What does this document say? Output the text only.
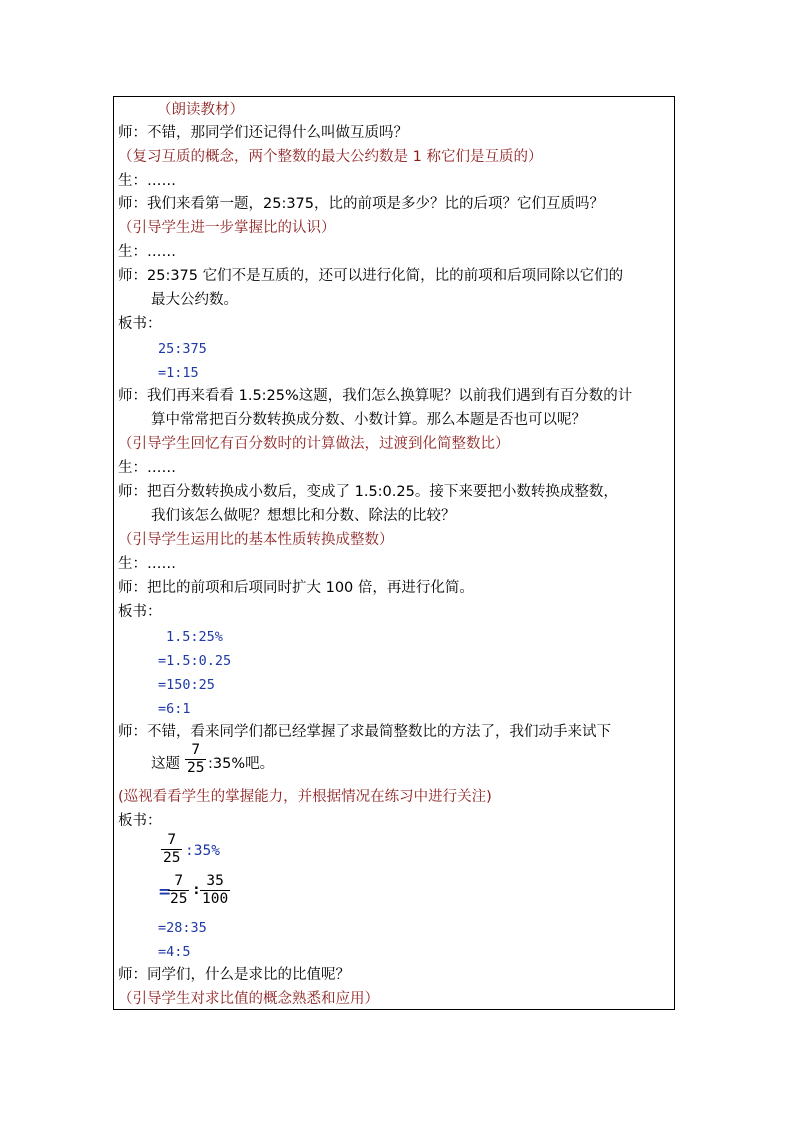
（朗读教材）
师：不错，那同学们还记得什么叫做互质吗？
（复习互质的概念，两个整数的最大公约数是 1 称它们是互质的）
生：……
师：我们来看第一题，25:375，比的前项是多少？比的后项？它们互质吗？
（引导学生进一步掌握比的认识）
生：……
师：25:375 它们不是互质的，还可以进行化简，比的前项和后项同除以它们的
最大公约数。
板书：
25:375
=1:15
师：我们再来看看 1.5:25%这题，我们怎么换算呢？以前我们遇到有百分数的计
算中常常把百分数转换成分数、小数计算。那么本题是否也可以呢？
（引导学生回忆有百分数时的计算做法，过渡到化简整数比）
生：……
师：把百分数转换成小数后，变成了 1.5:0.25。接下来要把小数转换成整数，
我们该怎么做呢？想想比和分数、除法的比较？
（引导学生运用比的基本性质转换成整数）
生：……
师：把比的前项和后项同时扩大 100 倍，再进行化简。
板书：
1.5:25%
=1.5:0.25
=150:25
=6:1
师：不错，看来同学们都已经掌握了求最简整数比的方法了，我们动手来试下
这题 $\frac{7}{25}$ :35%吧。
(巡视看看学生的掌握能力，并根据情况在练习中进行关注)
板书：
$\frac{7}{25}$ :35%
=
$\frac{7}{25}$ : $\frac{35}{100}$
=28:35
=4:5
师：同学们，什么是求比的比值呢？
（引导学生对求比值的概念熟悉和应用）
